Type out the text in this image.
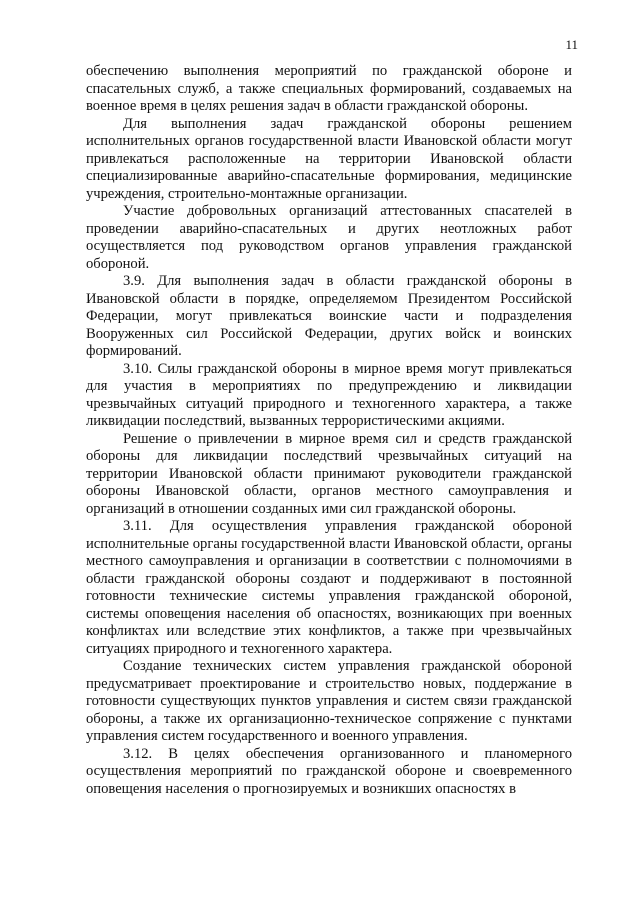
11

обеспечению выполнения мероприятий по гражданской обороне и спасательных служб, а также специальных формирований, создаваемых на военное время в целях решения задач в области гражданской обороны.

Для выполнения задач гражданской обороны решением исполнительных органов государственной власти Ивановской области могут привлекаться расположенные на территории Ивановской области специализированные аварийно-спасательные формирования, медицинские учреждения, строительно-монтажные организации.

Участие добровольных организаций аттестованных спасателей в проведении аварийно-спасательных и других неотложных работ осуществляется под руководством органов управления гражданской обороной.

3.9. Для выполнения задач в области гражданской обороны в Ивановской области в порядке, определяемом Президентом Российской Федерации, могут привлекаться воинские части и подразделения Вооруженных сил Российской Федерации, других войск и воинских формирований.

3.10. Силы гражданской обороны в мирное время могут привлекаться для участия в мероприятиях по предупреждению и ликвидации чрезвычайных ситуаций природного и техногенного характера, а также ликвидации последствий, вызванных террористическими акциями.

Решение о привлечении в мирное время сил и средств гражданской обороны для ликвидации последствий чрезвычайных ситуаций на территории Ивановской области принимают руководители гражданской обороны Ивановской области, органов местного самоуправления и организаций в отношении созданных ими сил гражданской обороны.

3.11. Для осуществления управления гражданской обороной исполнительные органы государственной власти Ивановской области, органы местного самоуправления и организации в соответствии с полномочиями в области гражданской обороны создают и поддерживают в постоянной готовности технические системы управления гражданской обороной, системы оповещения населения об опасностях, возникающих при военных конфликтах или вследствие этих конфликтов, а также при чрезвычайных ситуациях природного и техногенного характера.

Создание технических систем управления гражданской обороной предусматривает проектирование и строительство новых, поддержание в готовности существующих пунктов управления и систем связи гражданской обороны, а также их организационно-техническое сопряжение с пунктами управления систем государственного и военного управления.

3.12. В целях обеспечения организованного и планомерного осуществления мероприятий по гражданской обороне и своевременного оповещения населения о прогнозируемых и возникших опасностях в
